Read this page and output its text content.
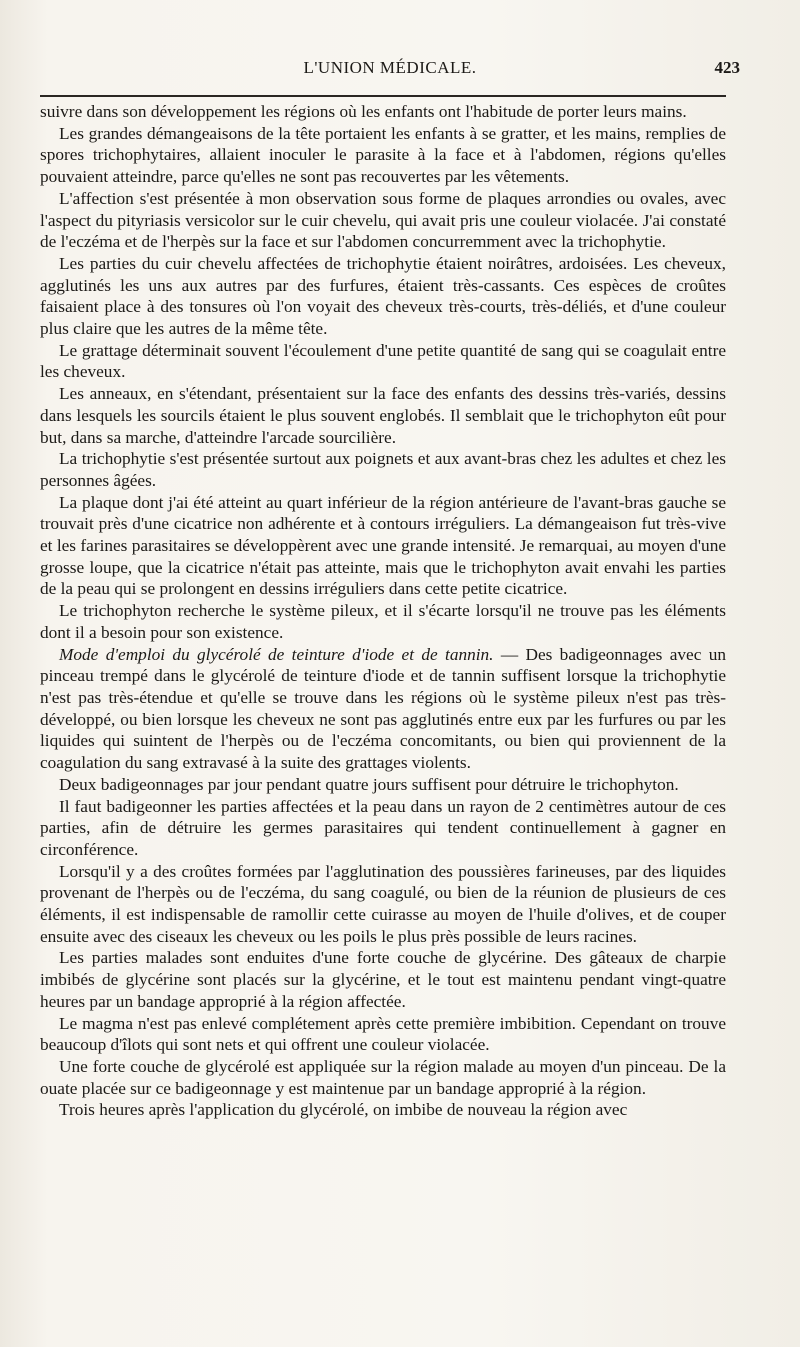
L'UNION MÉDICALE.	423

suivre dans son développement les régions où les enfants ont l'habitude de porter leurs mains.

Les grandes démangeaisons de la tête portaient les enfants à se gratter, et les mains, remplies de spores trichophytaires, allaient inoculer le parasite à la face et à l'abdomen, régions qu'elles pouvaient atteindre, parce qu'elles ne sont pas recouvertes par les vêtements.

L'affection s'est présentée à mon observation sous forme de plaques arrondies ou ovales, avec l'aspect du pityriasis versicolor sur le cuir chevelu, qui avait pris une couleur violacée. J'ai constaté de l'eczéma et de l'herpès sur la face et sur l'abdomen concurremment avec la trichophytie.

Les parties du cuir chevelu affectées de trichophytie étaient noirâtres, ardoisées. Les cheveux, agglutinés les uns aux autres par des furfures, étaient très-cassants. Ces espèces de croûtes faisaient place à des tonsures où l'on voyait des cheveux très-courts, très-déliés, et d'une couleur plus claire que les autres de la même tête.

Le grattage déterminait souvent l'écoulement d'une petite quantité de sang qui se coagulait entre les cheveux.

Les anneaux, en s'étendant, présentaient sur la face des enfants des dessins très-variés, dessins dans lesquels les sourcils étaient le plus souvent englobés. Il semblait que le trichophyton eût pour but, dans sa marche, d'atteindre l'arcade sourcilière.

La trichophytie s'est présentée surtout aux poignets et aux avant-bras chez les adultes et chez les personnes âgées.

La plaque dont j'ai été atteint au quart inférieur de la région antérieure de l'avant-bras gauche se trouvait près d'une cicatrice non adhérente et à contours irréguliers. La démangeaison fut très-vive et les farines parasitaires se développèrent avec une grande intensité. Je remarquai, au moyen d'une grosse loupe, que la cicatrice n'était pas atteinte, mais que le trichophyton avait envahi les parties de la peau qui se prolongent en dessins irréguliers dans cette petite cicatrice.

Le trichophyton recherche le système pileux, et il s'écarte lorsqu'il ne trouve pas les éléments dont il a besoin pour son existence.

Mode d'emploi du glycérolé de teinture d'iode et de tannin. — Des badigeonnages avec un pinceau trempé dans le glycérolé de teinture d'iode et de tannin suffisent lorsque la trichophytie n'est pas très-étendue et qu'elle se trouve dans les régions où le système pileux n'est pas très-développé, ou bien lorsque les cheveux ne sont pas agglutinés entre eux par les furfures ou par les liquides qui suintent de l'herpès ou de l'eczéma concomitants, ou bien qui proviennent de la coagulation du sang extravasé à la suite des grattages violents.

Deux badigeonnages par jour pendant quatre jours suffisent pour détruire le trichophyton.

Il faut badigeonner les parties affectées et la peau dans un rayon de 2 centimètres autour de ces parties, afin de détruire les germes parasitaires qui tendent continuellement à gagner en circonférence.

Lorsqu'il y a des croûtes formées par l'agglutination des poussières farineuses, par des liquides provenant de l'herpès ou de l'eczéma, du sang coagulé, ou bien de la réunion de plusieurs de ces éléments, il est indispensable de ramollir cette cuirasse au moyen de l'huile d'olives, et de couper ensuite avec des ciseaux les cheveux ou les poils le plus près possible de leurs racines.

Les parties malades sont enduites d'une forte couche de glycérine. Des gâteaux de charpie imbibés de glycérine sont placés sur la glycérine, et le tout est maintenu pendant vingt-quatre heures par un bandage approprié à la région affectée.

Le magma n'est pas enlevé complétement après cette première imbibition. Cependant on trouve beaucoup d'îlots qui sont nets et qui offrent une couleur violacée.

Une forte couche de glycérolé est appliquée sur la région malade au moyen d'un pinceau. De la ouate placée sur ce badigeonnage y est maintenue par un bandage approprié à la région.

Trois heures après l'application du glycérolé, on imbibe de nouveau la région avec
